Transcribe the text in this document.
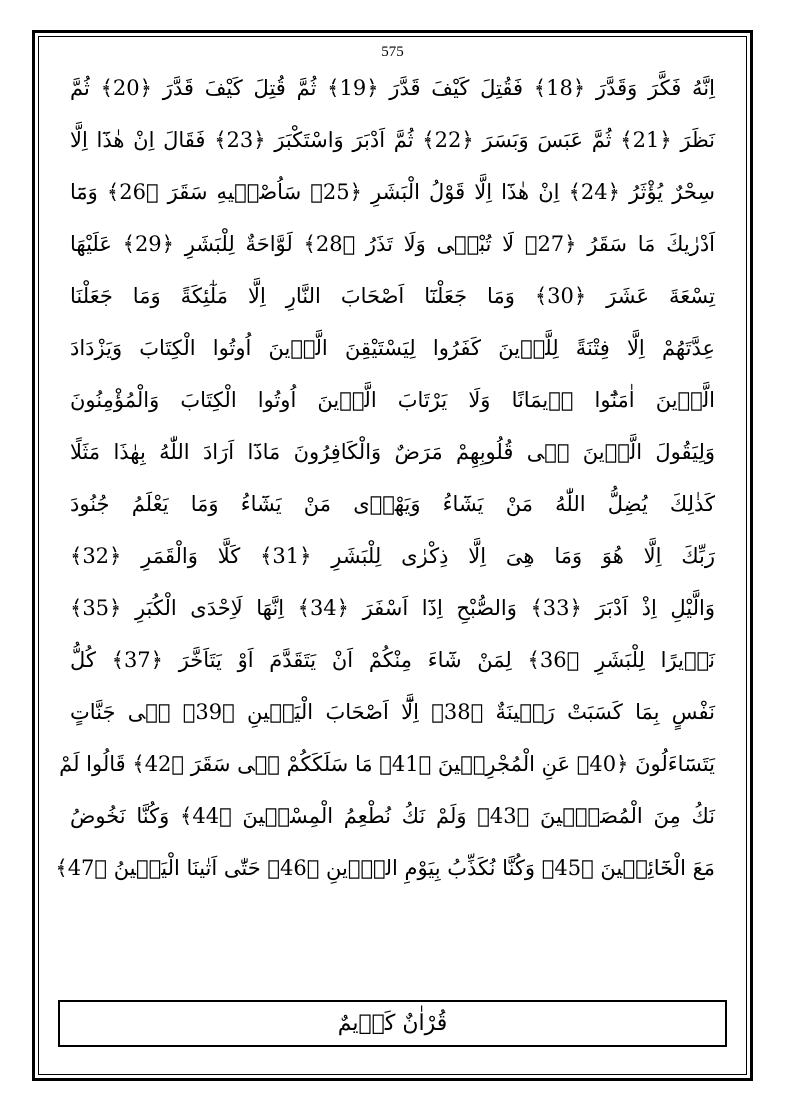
575
اِنَّهُ فَكَّرَ وَقَدَّرَ ﴿18﴾ فَقُتِلَ كَيْفَ قَدَّرَ ﴿19﴾ ثُمَّ قُتِلَ كَيْفَ قَدَّرَ ﴿20﴾ ثُمَّ
نَظَرَ ﴿21﴾ ثُمَّ عَبَسَ وَبَسَرَ ﴿22﴾ ثُمَّ اَدْبَرَ وَاسْتَكْبَرَ ﴿23﴾ فَقَالَ اِنْ هٰذَٓا اِلَّا
سِحْرٌ يُؤْثَرُ ﴿24﴾ اِنْ هٰذَٓا اِلَّا قَوْلُ الْبَشَرِ ﴿25﴾ سَاُصْلٖيهِ سَقَرَ ﴿26﴾ وَمَٓا
اَدْرٰيكَ مَا سَقَرُ ﴿27﴾ لَا تُبْقٖى وَلَا تَذَرُ ﴿28﴾ لَوَّاحَةٌ لِلْبَشَرِ ﴿29﴾ عَلَيْهَا
تِسْعَةَ عَشَرَ ﴿30﴾ وَمَا جَعَلْنَٓا اَصْحَابَ النَّارِ اِلَّا مَلٰٓئِكَةً وَمَا جَعَلْنَا
عِدَّتَهُمْ اِلَّا فِتْنَةً لِلَّذٖينَ كَفَرُوا لِيَسْتَيْقِنَ الَّذٖينَ اُوتُوا الْكِتَابَ وَيَزْدَادَ
الَّذٖينَ اٰمَنُٓوا اٖيمَانًا وَلَا يَرْتَابَ الَّذٖينَ اُوتُوا الْكِتَابَ وَالْمُؤْمِنُونَ
وَلِيَقُولَ الَّذٖينَ فٖى قُلُوبِهِمْ مَرَضٌ وَالْكَافِرُونَ مَاذَٓا اَرَادَ اللّٰهُ بِهٰذَا مَثَلًا
كَذٰلِكَ يُضِلُّ اللّٰهُ مَنْ يَشَٓاءُ وَيَهْدٖى مَنْ يَشَٓاءُ وَمَا يَعْلَمُ جُنُودَ
رَبِّكَ اِلَّا هُوَ وَمَا هِىَ اِلَّا ذِكْرٰى لِلْبَشَرِ ﴿31﴾ كَلَّا وَالْقَمَرِ ﴿32﴾
وَالَّيْلِ اِذْ اَدْبَرَ ﴿33﴾ وَالصُّبْحِ اِذَٓا اَسْفَرَ ﴿34﴾ اِنَّهَا لَاِحْدَى الْكُبَرِ ﴿35﴾
نَذٖيرًا لِلْبَشَرِ ﴿36﴾ لِمَنْ شَٓاءَ مِنْكُمْ اَنْ يَتَقَدَّمَ اَوْ يَتَاَخَّرَ ﴿37﴾ كُلُّ
نَفْسٍ بِمَا كَسَبَتْ رَهٖينَةٌ ﴿38﴾ اِلَّٓا اَصْحَابَ الْيَمٖينِ ﴿39﴾ فٖى جَنَّاتٍ
يَتَسَٓاءَلُونَ ﴿40﴾ عَنِ الْمُجْرِمٖينَ ﴿41﴾ مَا سَلَكَكُمْ فٖى سَقَرَ ﴿42﴾ قَالُوا لَمْ
نَكُ مِنَ الْمُصَلّٖينَ ﴿43﴾ وَلَمْ نَكُ نُطْعِمُ الْمِسْكٖينَ ﴿44﴾ وَكُنَّا نَخُوضُ
مَعَ الْخَٓائِضٖينَ ﴿45﴾ وَكُنَّا نُكَذِّبُ بِيَوْمِ الدّٖينِ ﴿46﴾ حَتّٰى اَتٰينَا الْيَقٖينُ ﴿47﴾
قُرْاٰنٌ كَرٖيمٌ
